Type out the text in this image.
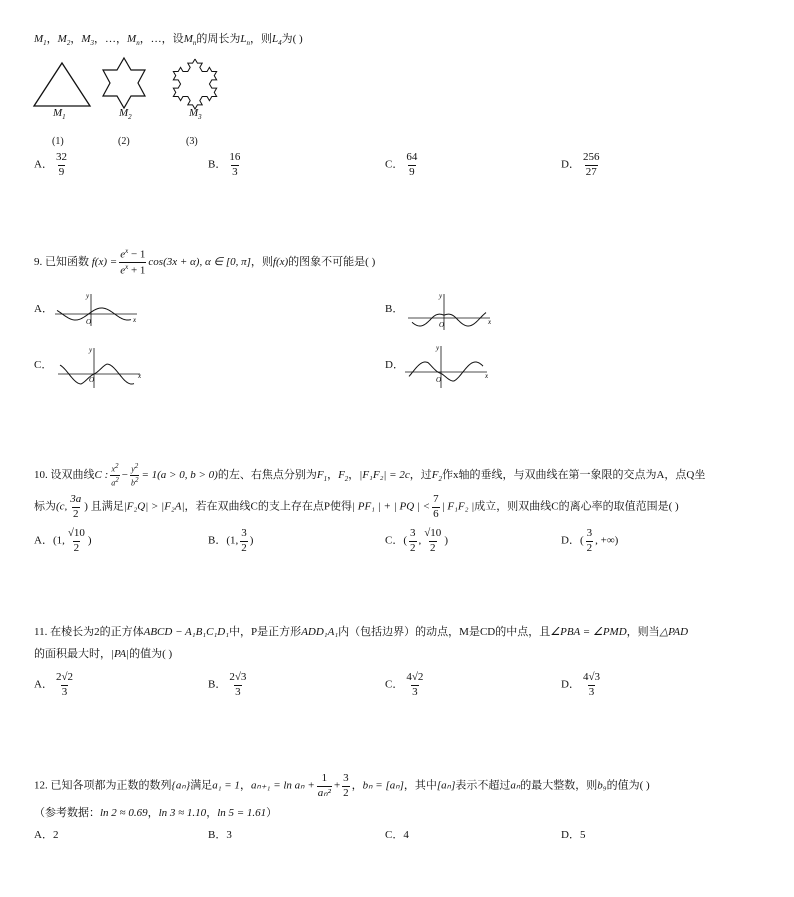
$M_1$，$M_2$，$M_3$，…，$M_n$，…，设$M_n$的周长为$L_n$，则$L_4$为( )
$M_1$	$M_2$	$M_3$
(1)	(2)	(3)
A． $\frac{32}{9}$	B． $\frac{16}{3}$	C． $\frac{64}{9}$	D． $\frac{256}{27}$
9. 已知函数 $f(x) = \frac{e^x - 1}{e^x + 1} \cos(3x + \alpha)$, α ∈ [0, π]，则f(x)的图象不可能是( )
A．	B．
C．	D．
y
x
O
y
x
O
y
x
O
y
x
O
10. 设双曲线C : $\frac{x^2}{a^2} - \frac{y^2}{b^2} = 1(a > 0$, b > 0)的左、右焦点分别为$F_1$，$F_2$，|F₁F₂| = 2c，过$F_2$作x轴的垂线，与双曲线在第一象限的交点为A，点Q坐
标为(c, $\frac{3a}{2}$ ) 且满足|F₂Q| > |F₂A|，若在双曲线C的支上存在点P使得| PF₁ | + | PQ | < $\frac{7}{6}$ | F₁F₂ |成立，则双曲线C的离心率的取值范围是( )
A．(1, $\frac{√10}{2}$ )	B．(1, $\frac{3}{2}$ )	C．( $\frac{3}{2}$ , $\frac{√10}{2}$ )	D．( $\frac{3}{2}$ , +∞)
11. 在棱长为2的正方体ABCD − A₁B₁C₁D₁中，P是正方形ADD₁A₁内（包括边界）的动点，M是CD的中点，且∠PBA = ∠PMD，则当△PAD
的面积最大时，|PA|的值为( )
A． $\frac{2√2}{3}$	B． $\frac{2√3}{3}$	C． $\frac{4√2}{3}$	D． $\frac{4√3}{3}$
12. 已知各项都为正数的数列{aₙ}满足a₁ = 1，$a_{n+1} = \ln a_n + \frac{1}{\text{aₙ²}} + \frac{3}{2}$ ，bₙ = [aₙ]，其中[aₙ]表示不超过aₙ的最大整数，则b₉的值为( )
（参考数据：ln 2 ≈ 0.69，ln 3 ≈ 1.10，ln 5 = 1.61）
A．2	B．3	C．4	D．5
